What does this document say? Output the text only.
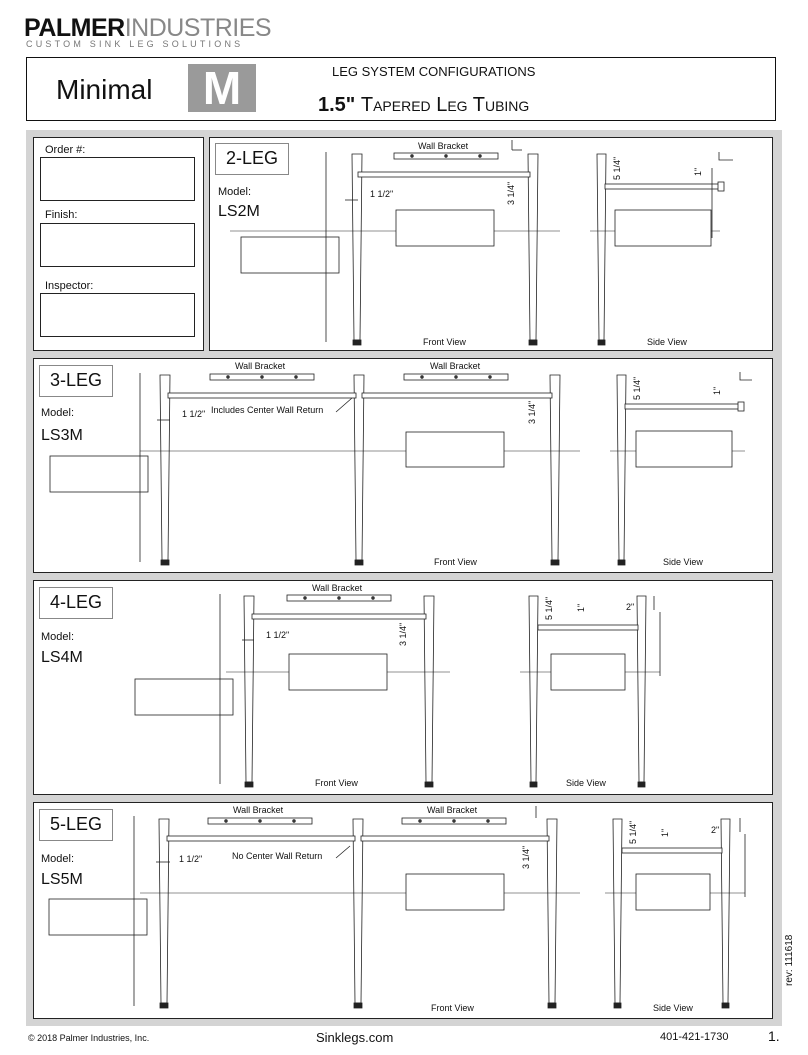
PALMERINDUSTRIES
CUSTOM SINK LEG SOLUTIONS
Minimal	M	LEG SYSTEM CONFIGURATIONS
1.5" Tapered Leg Tubing
Order #:
Finish:
Inspector:
2-LEG
Model:
LS2M
3-LEG
Model:
LS3M
4-LEG
Model:
LS4M
5-LEG
Model:
LS5M
Wall Bracket
1 1/2"	3 1/4"
Front View
5 1/4"	1"
Side View
Wall Bracket	Wall Bracket
1 1/2" Includes Center Wall Return	3 1/4"
Front View
5 1/4"	1"
Side View
Wall Bracket
1 1/2"	3 1/4"
Front View
5 1/4" 1"	2"
Side View
Wall Bracket	Wall Bracket
1 1/2"	No Center Wall Return	3 1/4"
Front View
5 1/4" 1"	2"
Side View
© 2018 Palmer Industries, Inc.	Sinklegs.com	401-421-1730	1.
rev: 111618
